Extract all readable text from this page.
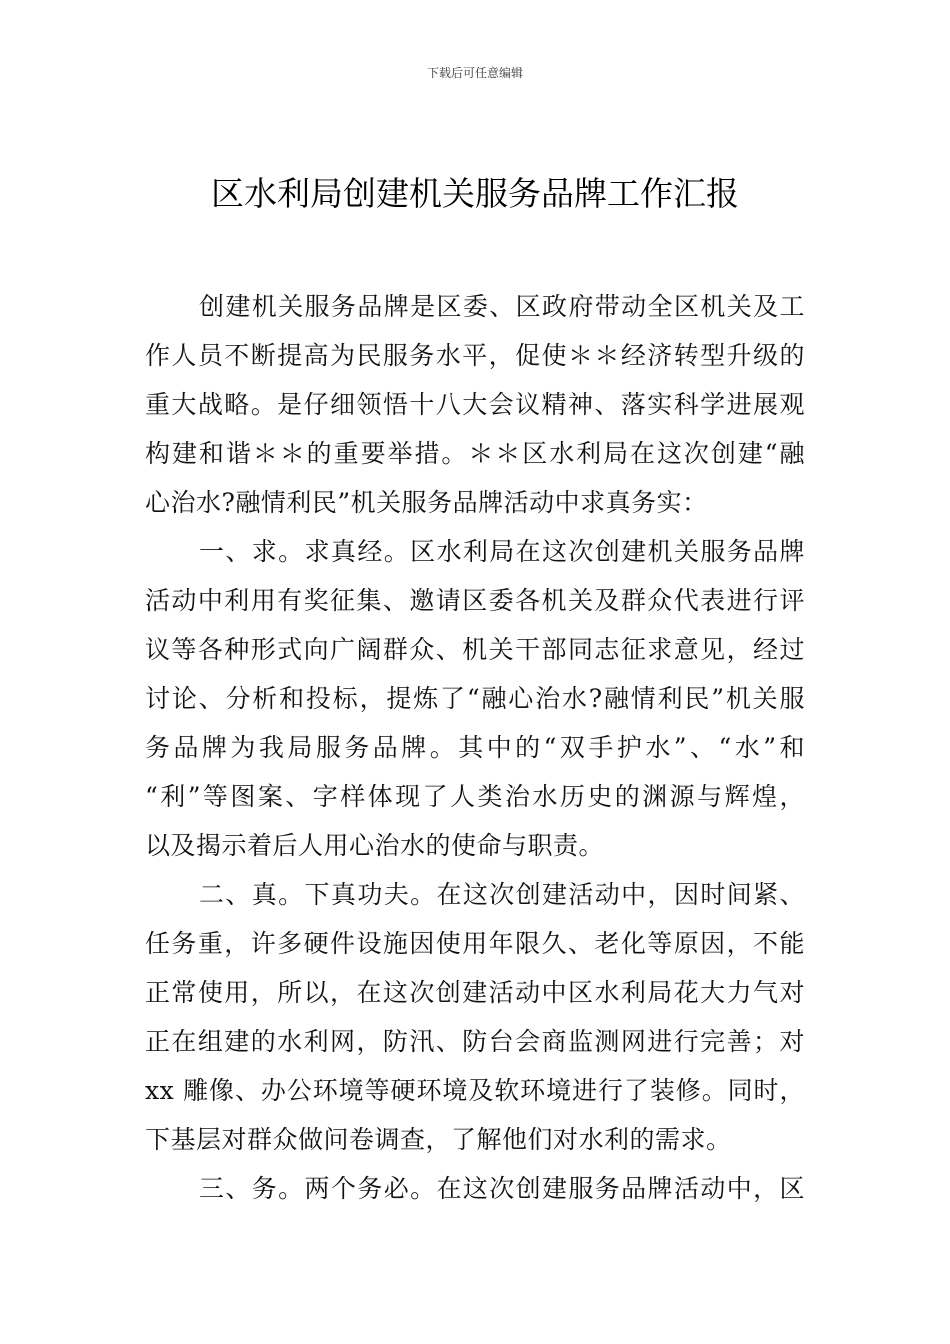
下载后可任意编辑
区水利局创建机关服务品牌工作汇报
创建机关服务品牌是区委、区政府带动全区机关及工
作人员不断提高为民服务水平，促使＊＊经济转型升级的
重大战略。是仔细领悟十八大会议精神、落实科学进展观
构建和谐＊＊的重要举措。＊＊区水利局在这次创建“融
心治水?融情利民”机关服务品牌活动中求真务实：
一、求。求真经。区水利局在这次创建机关服务品牌
活动中利用有奖征集、邀请区委各机关及群众代表进行评
议等各种形式向广阔群众、机关干部同志征求意见，经过
讨论、分析和投标，提炼了“融心治水?融情利民”机关服
务品牌为我局服务品牌。其中的“双手护水”、“水”和
“利”等图案、字样体现了人类治水历史的渊源与辉煌，
以及揭示着后人用心治水的使命与职责。
二、真。下真功夫。在这次创建活动中，因时间紧、
任务重，许多硬件设施因使用年限久、老化等原因，不能
正常使用，所以，在这次创建活动中区水利局花大力气对
正在组建的水利网，防汛、防台会商监测网进行完善；对
xx 雕像、办公环境等硬环境及软环境进行了装修。同时，
下基层对群众做问卷调查，了解他们对水利的需求。
三、务。两个务必。在这次创建服务品牌活动中，区
